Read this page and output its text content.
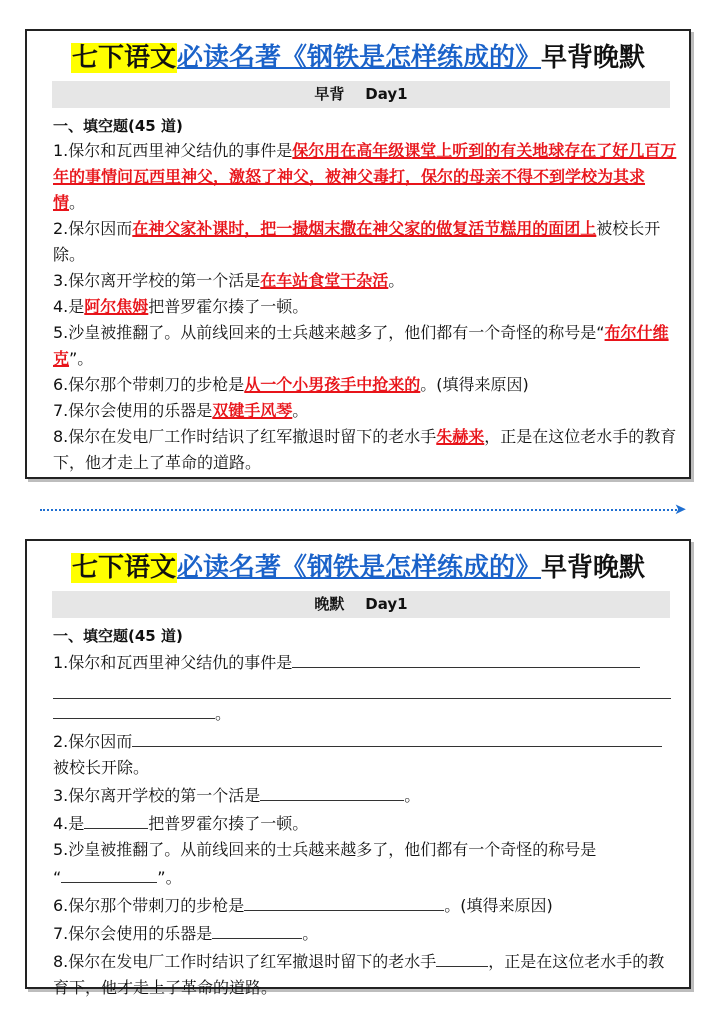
七下语文必读名著《钢铁是怎样练成的》早背晚默
早背    Day1
一、填空题(45 道)

1.保尔和瓦西里神父结仇的事件是保尔用在高年级课堂上听到的有关地球存在了好几百万年的事情问瓦西里神父，激怒了神父，被神父毒打，保尔的母亲不得不到学校为其求情。

2.保尔因而在神父家补课时，把一撮烟末撒在神父家的做复活节糕用的面团上被校长开除。

3.保尔离开学校的第一个活是在车站食堂干杂活。

4.是阿尔焦姆把普罗霍尔揍了一顿。

5.沙皇被推翻了。从前线回来的士兵越来越多了，他们都有一个奇怪的称号是“布尔什维克”。

6.保尔那个带刺刀的步枪是从一个小男孩手中抢来的。(填得来原因)

7.保尔会使用的乐器是双键手风琴。

8.保尔在发电厂工作时结识了红军撤退时留下的老水手朱赫来，正是在这位老水手的教育下，他才走上了革命的道路。

➤
七下语文必读名著《钢铁是怎样练成的》早背晚默
晚默    Day1
一、填空题(45 道)

1.保尔和瓦西里神父结仇的事件是

。

2.保尔因而

被校长开除。

3.保尔离开学校的第一个活是	。

4.是	把普罗霍尔揍了一顿。

5.沙皇被推翻了。从前线回来的士兵越来越多了，他们都有一个奇怪的称号是

“	”。

6.保尔那个带刺刀的步枪是	。(填得来原因)

7.保尔会使用的乐器是	。

8.保尔在发电厂工作时结识了红军撤退时留下的老水手	，正是在这位老水手的教育下，他才走上了革命的道路。
